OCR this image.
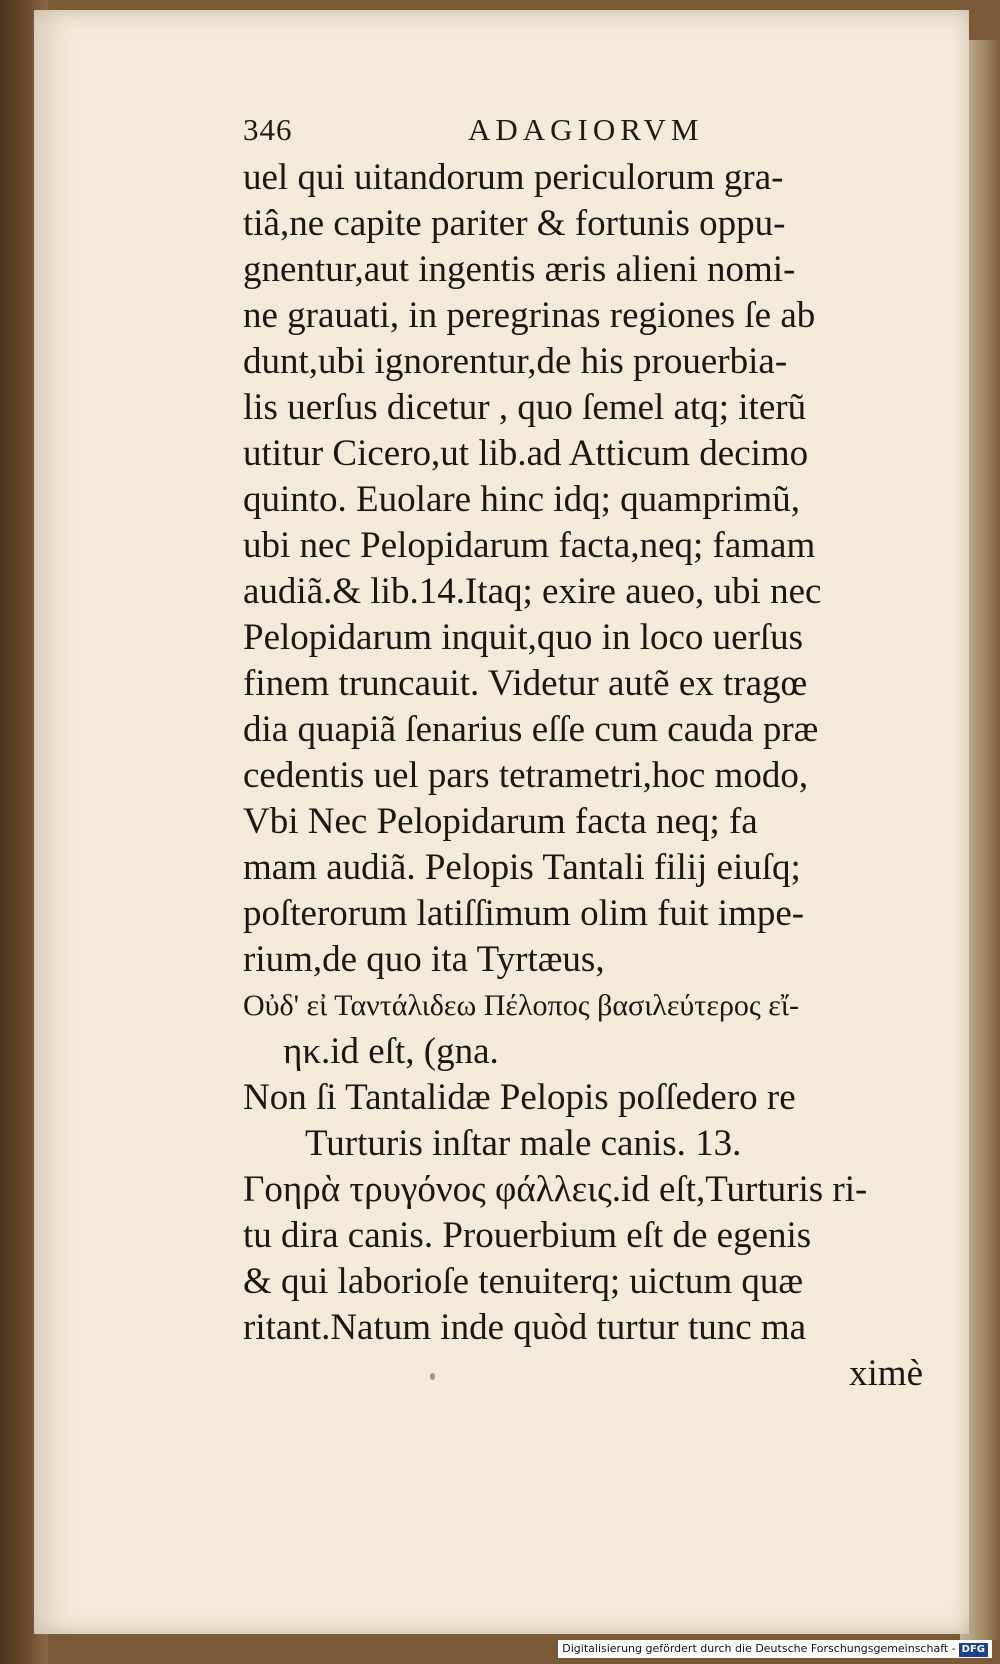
346	ADAGIORVM
uel qui uitandorum periculorum gra-
tiâ,ne capite pariter & fortunis oppu-
gnentur,aut ingentis æris alieni nomi-
ne grauati, in peregrinas regiones ſe ab
dunt,ubi ignorentur,de his prouerbia-
lis uerſus dicetur , quo ſemel atq; iterũ
utitur Cicero,ut lib.ad Atticum decimo
quinto. Euolare hinc idq; quamprimũ,
ubi nec Pelopidarum facta,neq; famam
audiã.& lib.14.Itaq; exire aueo, ubi nec
Pelopidarum inquit,quo in loco uerſus
finem truncauit. Videtur autẽ ex tragœ
dia quapiã ſenarius eſſe cum cauda præ
cedentis uel pars tetrametri,hoc modo,
Vbi Nec Pelopidarum facta neq; fa
mam audiã. Pelopis Tantali filij eiuſq;
poſterorum latiſſimum olim fuit impe-
rium,de quo ita Tyrtæus,
Οὐδ' εἰ Ταντάλιδεω Πέλοπος βασιλεύτερος εἴ-
ηκ.id eſt, (gna.
Non ſi Tantalidæ Pelopis poſſedero re
Turturis inſtar male canis. 13.
Γοηρὰ τρυγόνος φάλλεις.id eſt,Turturis ri-
tu dira canis. Prouerbium eſt de egenis
& qui laborioſe tenuiterq; uictum quæ
ritant.Natum inde quòd turtur tunc ma
ximè
Digitalisierung gefördert durch die Deutsche Forschungsgemeinschaft - DFG
